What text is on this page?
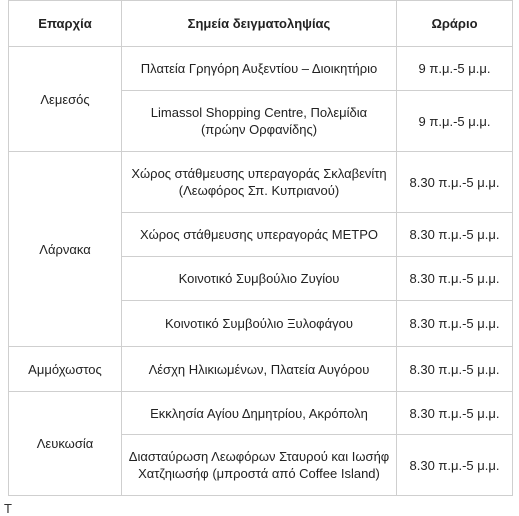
Επαρχία	Σημεία δειγματοληψίας	Ωράριο
Λεμεσός	Πλατεία Γρηγόρη Αυξεντίου – Διοικητήριο	9 π.μ.-5 μ.μ.
	Limassol Shopping Centre, Πολεμίδια (πρώην Ορφανίδης)	9 π.μ.-5 μ.μ.
Λάρνακα	Χώρος στάθμευσης υπεραγοράς Σκλαβενίτη (Λεωφόρος Σπ. Κυπριανού)	8.30 π.μ.-5 μ.μ.
	Χώρος στάθμευσης υπεραγοράς ΜΕΤΡΟ	8.30 π.μ.-5 μ.μ.
	Κοινοτικό Συμβούλιο Ζυγίου	8.30 π.μ.-5 μ.μ.
	Κοινοτικό Συμβούλιο Ξυλοφάγου	8.30 π.μ.-5 μ.μ.
Αμμόχωστος	Λέσχη Ηλικιωμένων, Πλατεία Αυγόρου	8.30 π.μ.-5 μ.μ.
Λευκωσία	Εκκλησία Αγίου Δημητρίου, Ακρόπολη	8.30 π.μ.-5 μ.μ.
	Διασταύρωση Λεωφόρων Σταυρού και Ιωσήφ Χατζηιωσήφ (μπροστά από Coffee Island)	8.30 π.μ.-5 μ.μ.
Τ
